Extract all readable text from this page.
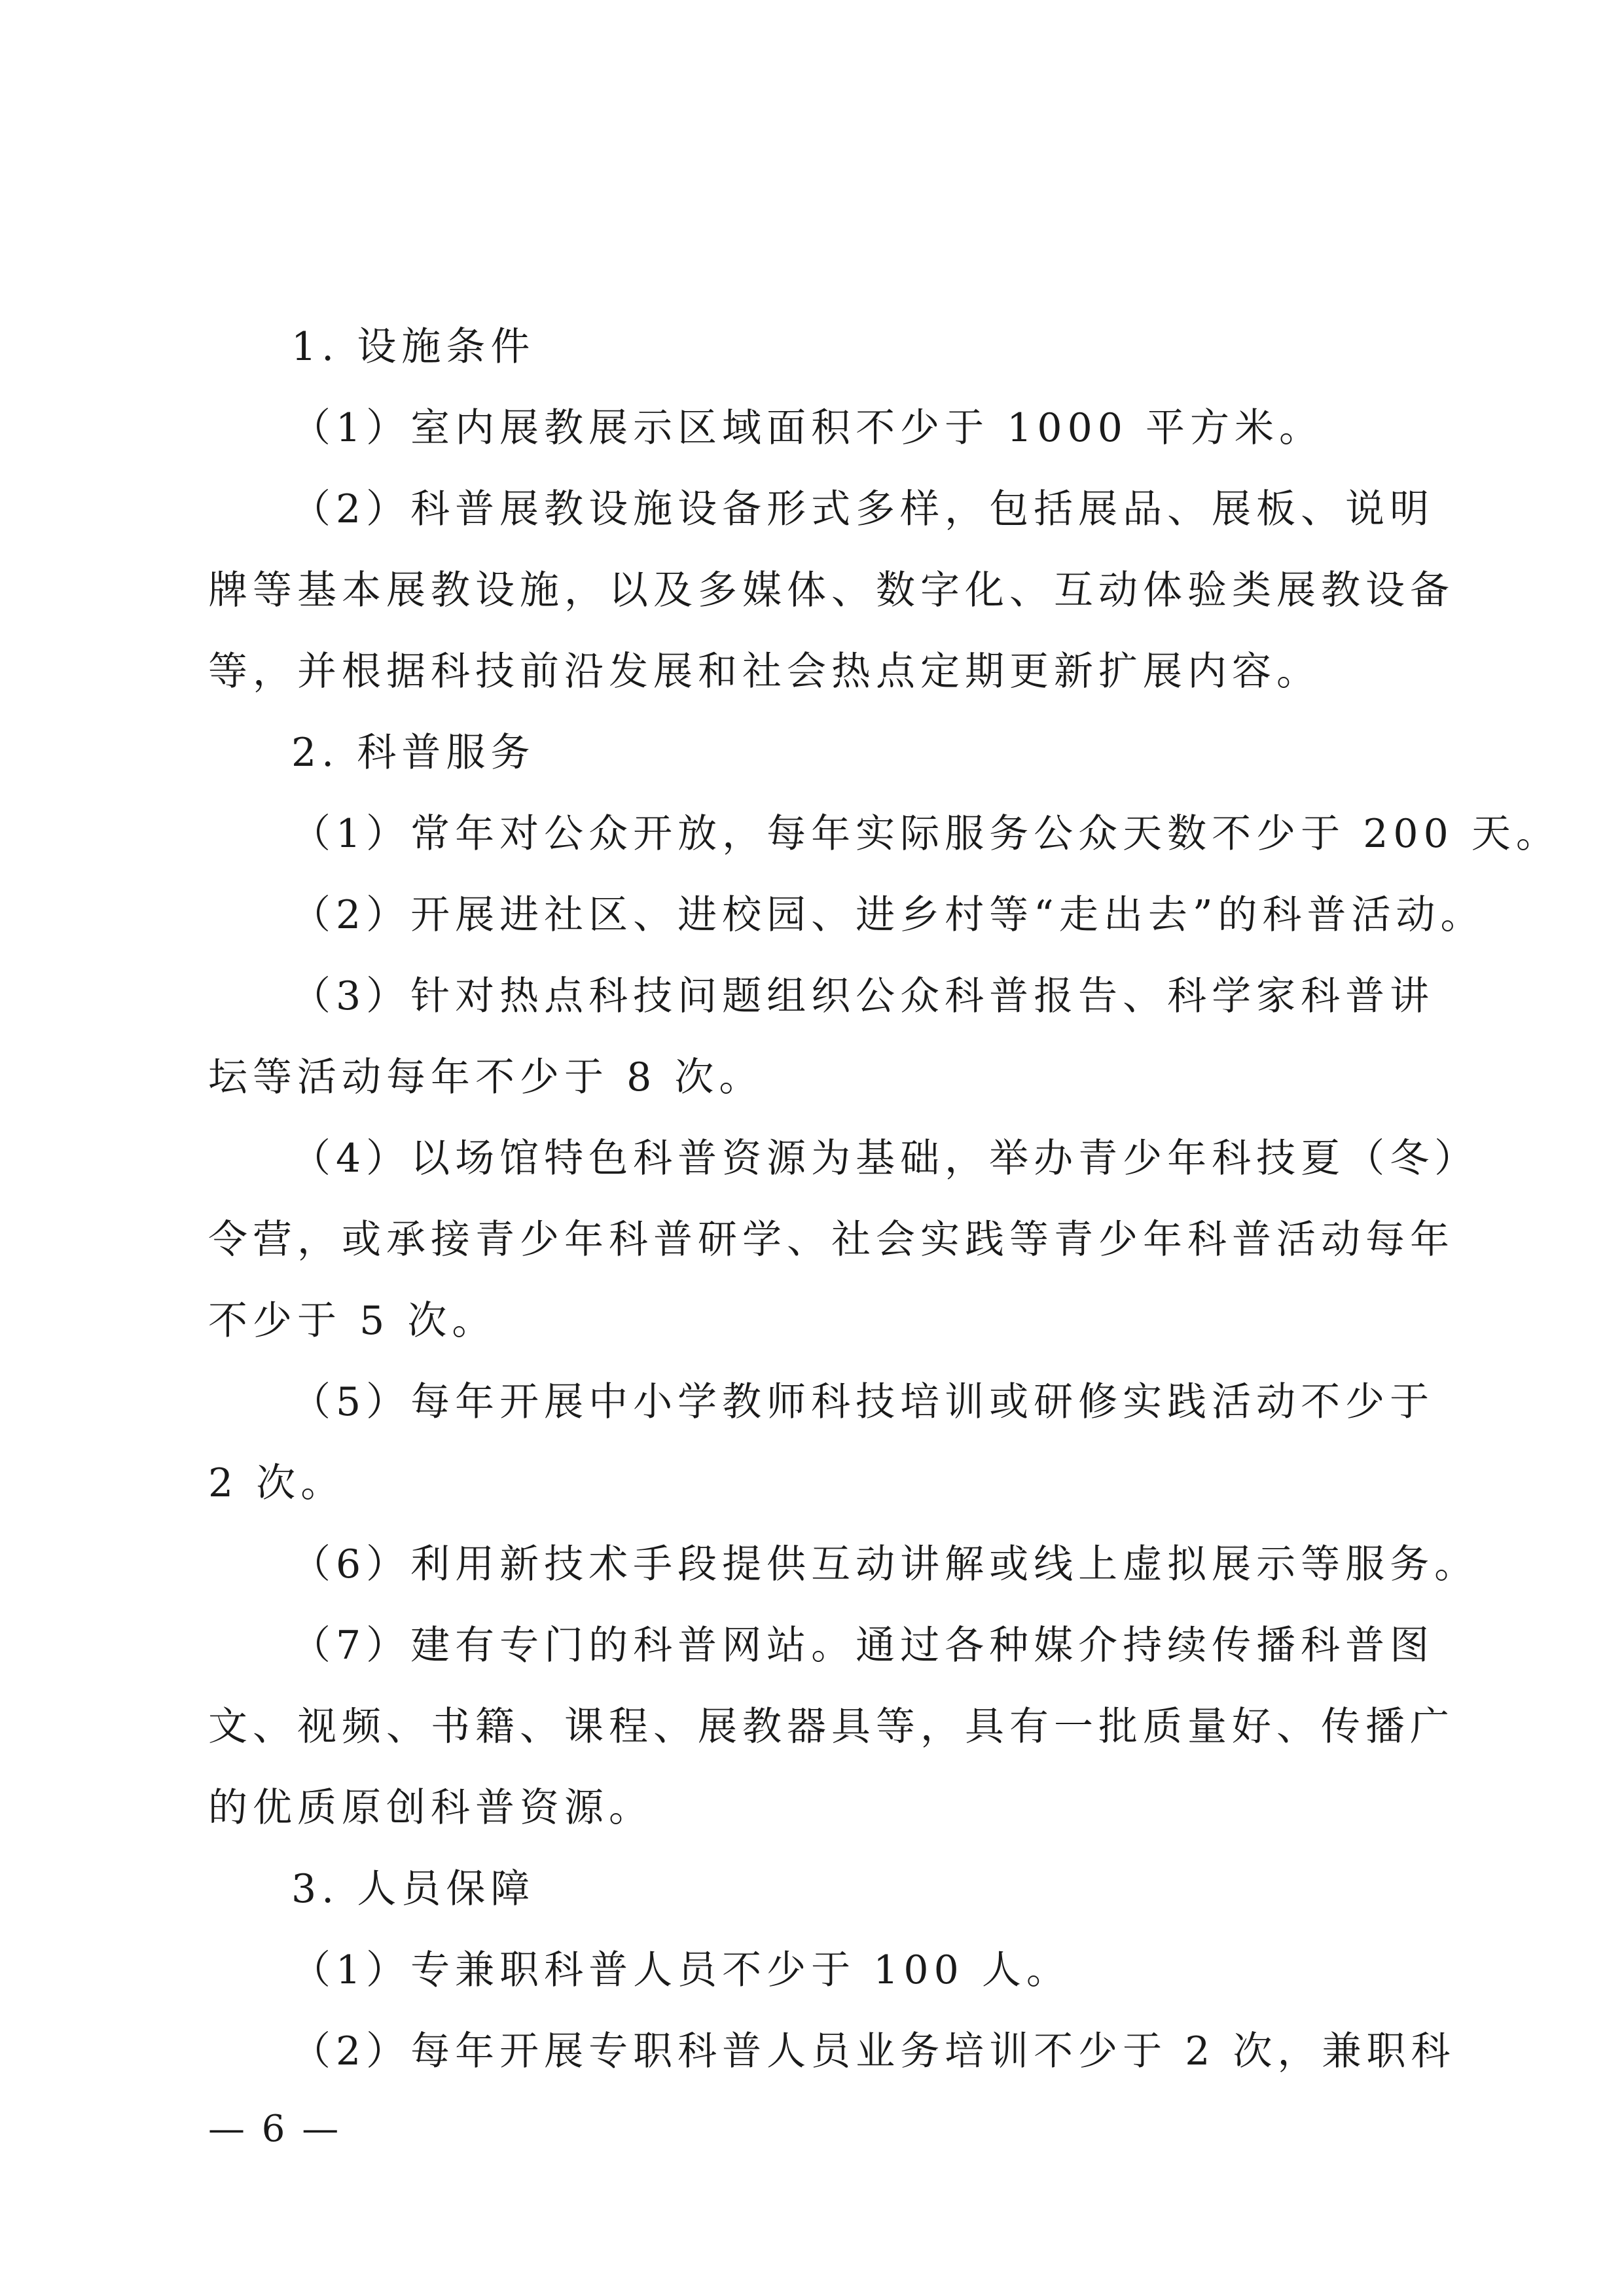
1. 设施条件
（1）室内展教展示区域面积不少于 1000 平方米。
（2）科普展教设施设备形式多样，包括展品、展板、说明
牌等基本展教设施，以及多媒体、数字化、互动体验类展教设备
等，并根据科技前沿发展和社会热点定期更新扩展内容。
2. 科普服务
（1）常年对公众开放，每年实际服务公众天数不少于 200 天。
（2）开展进社区、进校园、进乡村等“走出去”的科普活动。
（3）针对热点科技问题组织公众科普报告、科学家科普讲
坛等活动每年不少于 8 次。
（4）以场馆特色科普资源为基础，举办青少年科技夏（冬）
令营，或承接青少年科普研学、社会实践等青少年科普活动每年
不少于 5 次。
（5）每年开展中小学教师科技培训或研修实践活动不少于
2 次。
（6）利用新技术手段提供互动讲解或线上虚拟展示等服务。
（7）建有专门的科普网站。通过各种媒介持续传播科普图
文、视频、书籍、课程、展教器具等，具有一批质量好、传播广
的优质原创科普资源。
3. 人员保障
（1）专兼职科普人员不少于 100 人。
（2）每年开展专职科普人员业务培训不少于 2 次，兼职科
— 6 —
